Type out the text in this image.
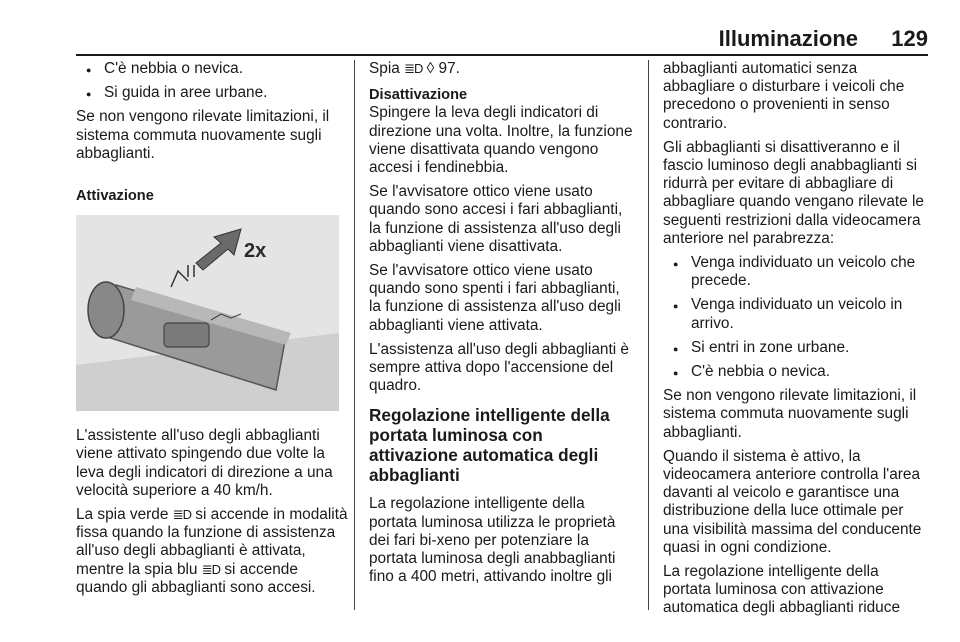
Illuminazione 129
● C'è nebbia o nevica.
● Si guida in aree urbane.

Se non vengono rilevate limitazioni, il sistema commuta nuovamente sugli abbaglianti.

Attivazione
2x

L'assistente all'uso degli abbaglianti viene attivato spingendo due volte la leva degli indicatori di direzione a una velocità superiore a 40 km/h.

La spia verde ≣D si accende in modalità fissa quando la funzione di assistenza all'uso degli abbaglianti è attivata, mentre la spia blu ≣D si accende quando gli abbaglianti sono accesi.

Spia ≣D ◊ 97.

Disattivazione

Spingere la leva degli indicatori di direzione una volta. Inoltre, la funzione viene disattivata quando vengono accesi i fendinebbia.

Se l'avvisatore ottico viene usato quando sono accesi i fari abbaglianti, la funzione di assistenza all'uso degli abbaglianti viene disattivata.

Se l'avvisatore ottico viene usato quando sono spenti i fari abbaglianti, la funzione di assistenza all'uso degli abbaglianti viene attivata.

L'assistenza all'uso degli abbaglianti è sempre attiva dopo l'accensione del quadro.

Regolazione intelligente della portata luminosa con attivazione automatica degli abbaglianti

La regolazione intelligente della portata luminosa utilizza le proprietà dei fari bi-xeno per potenziare la portata luminosa degli anabbaglianti fino a 400 metri, attivando inoltre gli

abbaglianti automatici senza abbagliare o disturbare i veicoli che precedono o provenienti in senso contrario.

Gli abbaglianti si disattiveranno e il fascio luminoso degli anabbaglianti si ridurrà per evitare di abbagliare di abbagliare quando vengano rilevate le seguenti restrizioni dalla videocamera anteriore nel parabrezza:

● Venga individuato un veicolo che precede.
● Venga individuato un veicolo in arrivo.
● Si entri in zone urbane.
● C'è nebbia o nevica.

Se non vengono rilevate limitazioni, il sistema commuta nuovamente sugli abbaglianti.

Quando il sistema è attivo, la videocamera anteriore controlla l'area davanti al veicolo e garantisce una distribuzione della luce ottimale per una visibilità massima del conducente quasi in ogni condizione.

La regolazione intelligente della portata luminosa con attivazione automatica degli abbaglianti riduce
